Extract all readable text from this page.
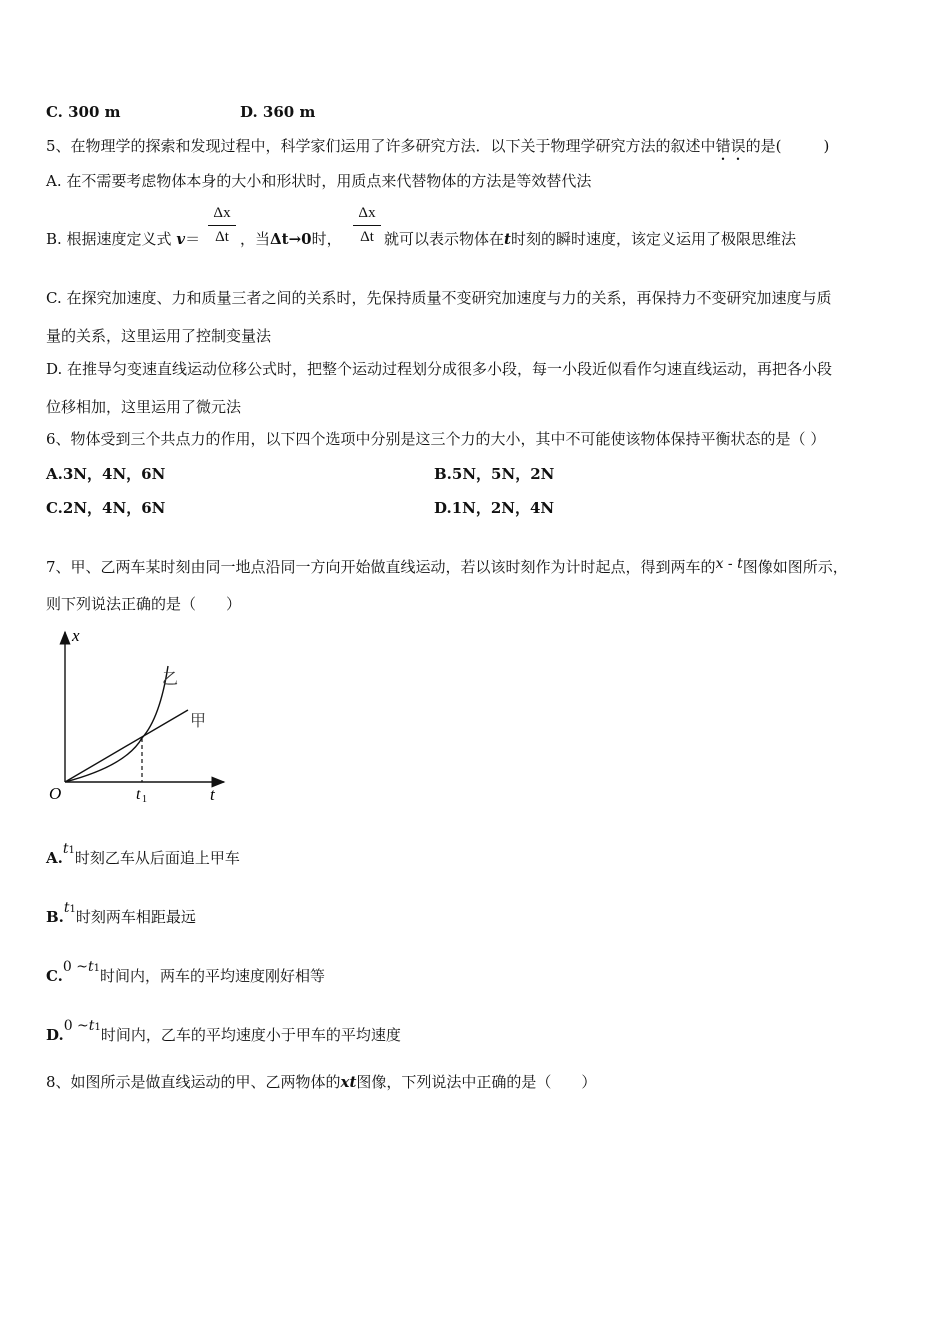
C. 300 m	D. 360 m
5、在物理学的探索和发现过程中，科学家们运用了许多研究方法．以下关于物理学研究方法的叙述中错误的是(	)
A. 在不需要考虑物体本身的大小和形状时，用质点来代替物体的方法是等效替代法
B. 根据速度定义式 v＝
Δx
Δt ，当Δt→0时，
Δx
Δt 就可以表示物体在t时刻的瞬时速度，该定义运用了极限思维法
C. 在探究加速度、力和质量三者之间的关系时，先保持质量不变研究加速度与力的关系，再保持力不变研究加速度与质
量的关系，这里运用了控制变量法
D. 在推导匀变速直线运动位移公式时，把整个运动过程划分成很多小段，每一小段近似看作匀速直线运动，再把各小段
位移相加，这里运用了微元法
6、物体受到三个共点力的作用，以下四个选项中分别是这三个力的大小，其中不可能使该物体保持平衡状态的是（ ）
A.3N，4N，6N	B.5N，5N，2N
C.2N，4N，6N	D.1N，2N，4N
7、甲、乙两车某时刻由同一地点沿同一方向开始做直线运动，若以该时刻作为计时起点，得到两车的x - t图像如图所示，
则下列说法正确的是（　　）
x
t
O	t 1
乙
甲
A.t1时刻乙车从后面追上甲车
B.t1时刻两车相距最远
C.0 ~t1时间内，两车的平均速度刚好相等
D.0 ~t1时间内，乙车的平均速度小于甲车的平均速度
8、如图所示是做直线运动的甲、乙两物体的xt图像，下列说法中正确的是（　　）
